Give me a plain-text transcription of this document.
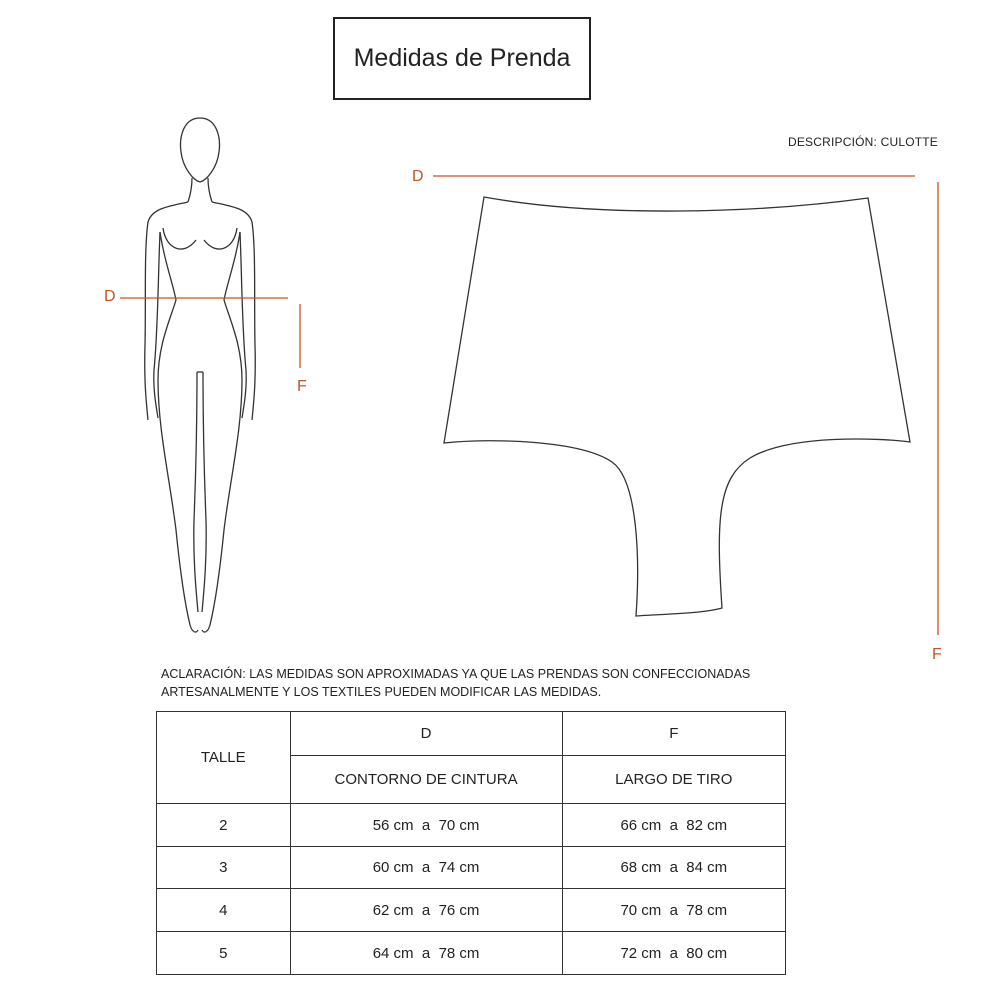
Medidas de Prenda
DESCRIPCIÓN: CULOTTE
D
F
D
F
ACLARACIÓN: LAS MEDIDAS SON APROXIMADAS YA QUE LAS PRENDAS SON CONFECCIONADAS
ARTESANALMENTE Y LOS TEXTILES PUEDEN MODIFICAR LAS MEDIDAS.
TALLE	D	F
	CONTORNO DE CINTURA	LARGO DE TIRO
2	56 cm  a  70 cm	66 cm  a  82 cm
3	60 cm  a  74 cm	68 cm  a  84 cm
4	62 cm  a  76 cm	70 cm  a  78 cm
5	64 cm  a  78 cm	72 cm  a  80 cm
